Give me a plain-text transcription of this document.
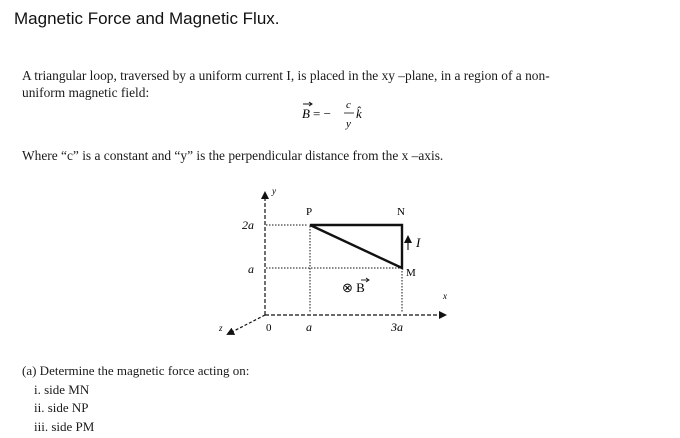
Magnetic Force and Magnetic Flux.

A triangular loop, traversed by a uniform current I, is placed in the xy –plane, in a region of a non-

uniform magnetic field:

B = −
c
y
k̂
Where “c” is a constant and “y” is the perpendicular distance from the x –axis.
y
x
z	0
2a
a
a	3a
P	N
M
I
⊗ B
(a) Determine the magnetic force acting on:
i. side MN
ii. side NP
iii. side PM
